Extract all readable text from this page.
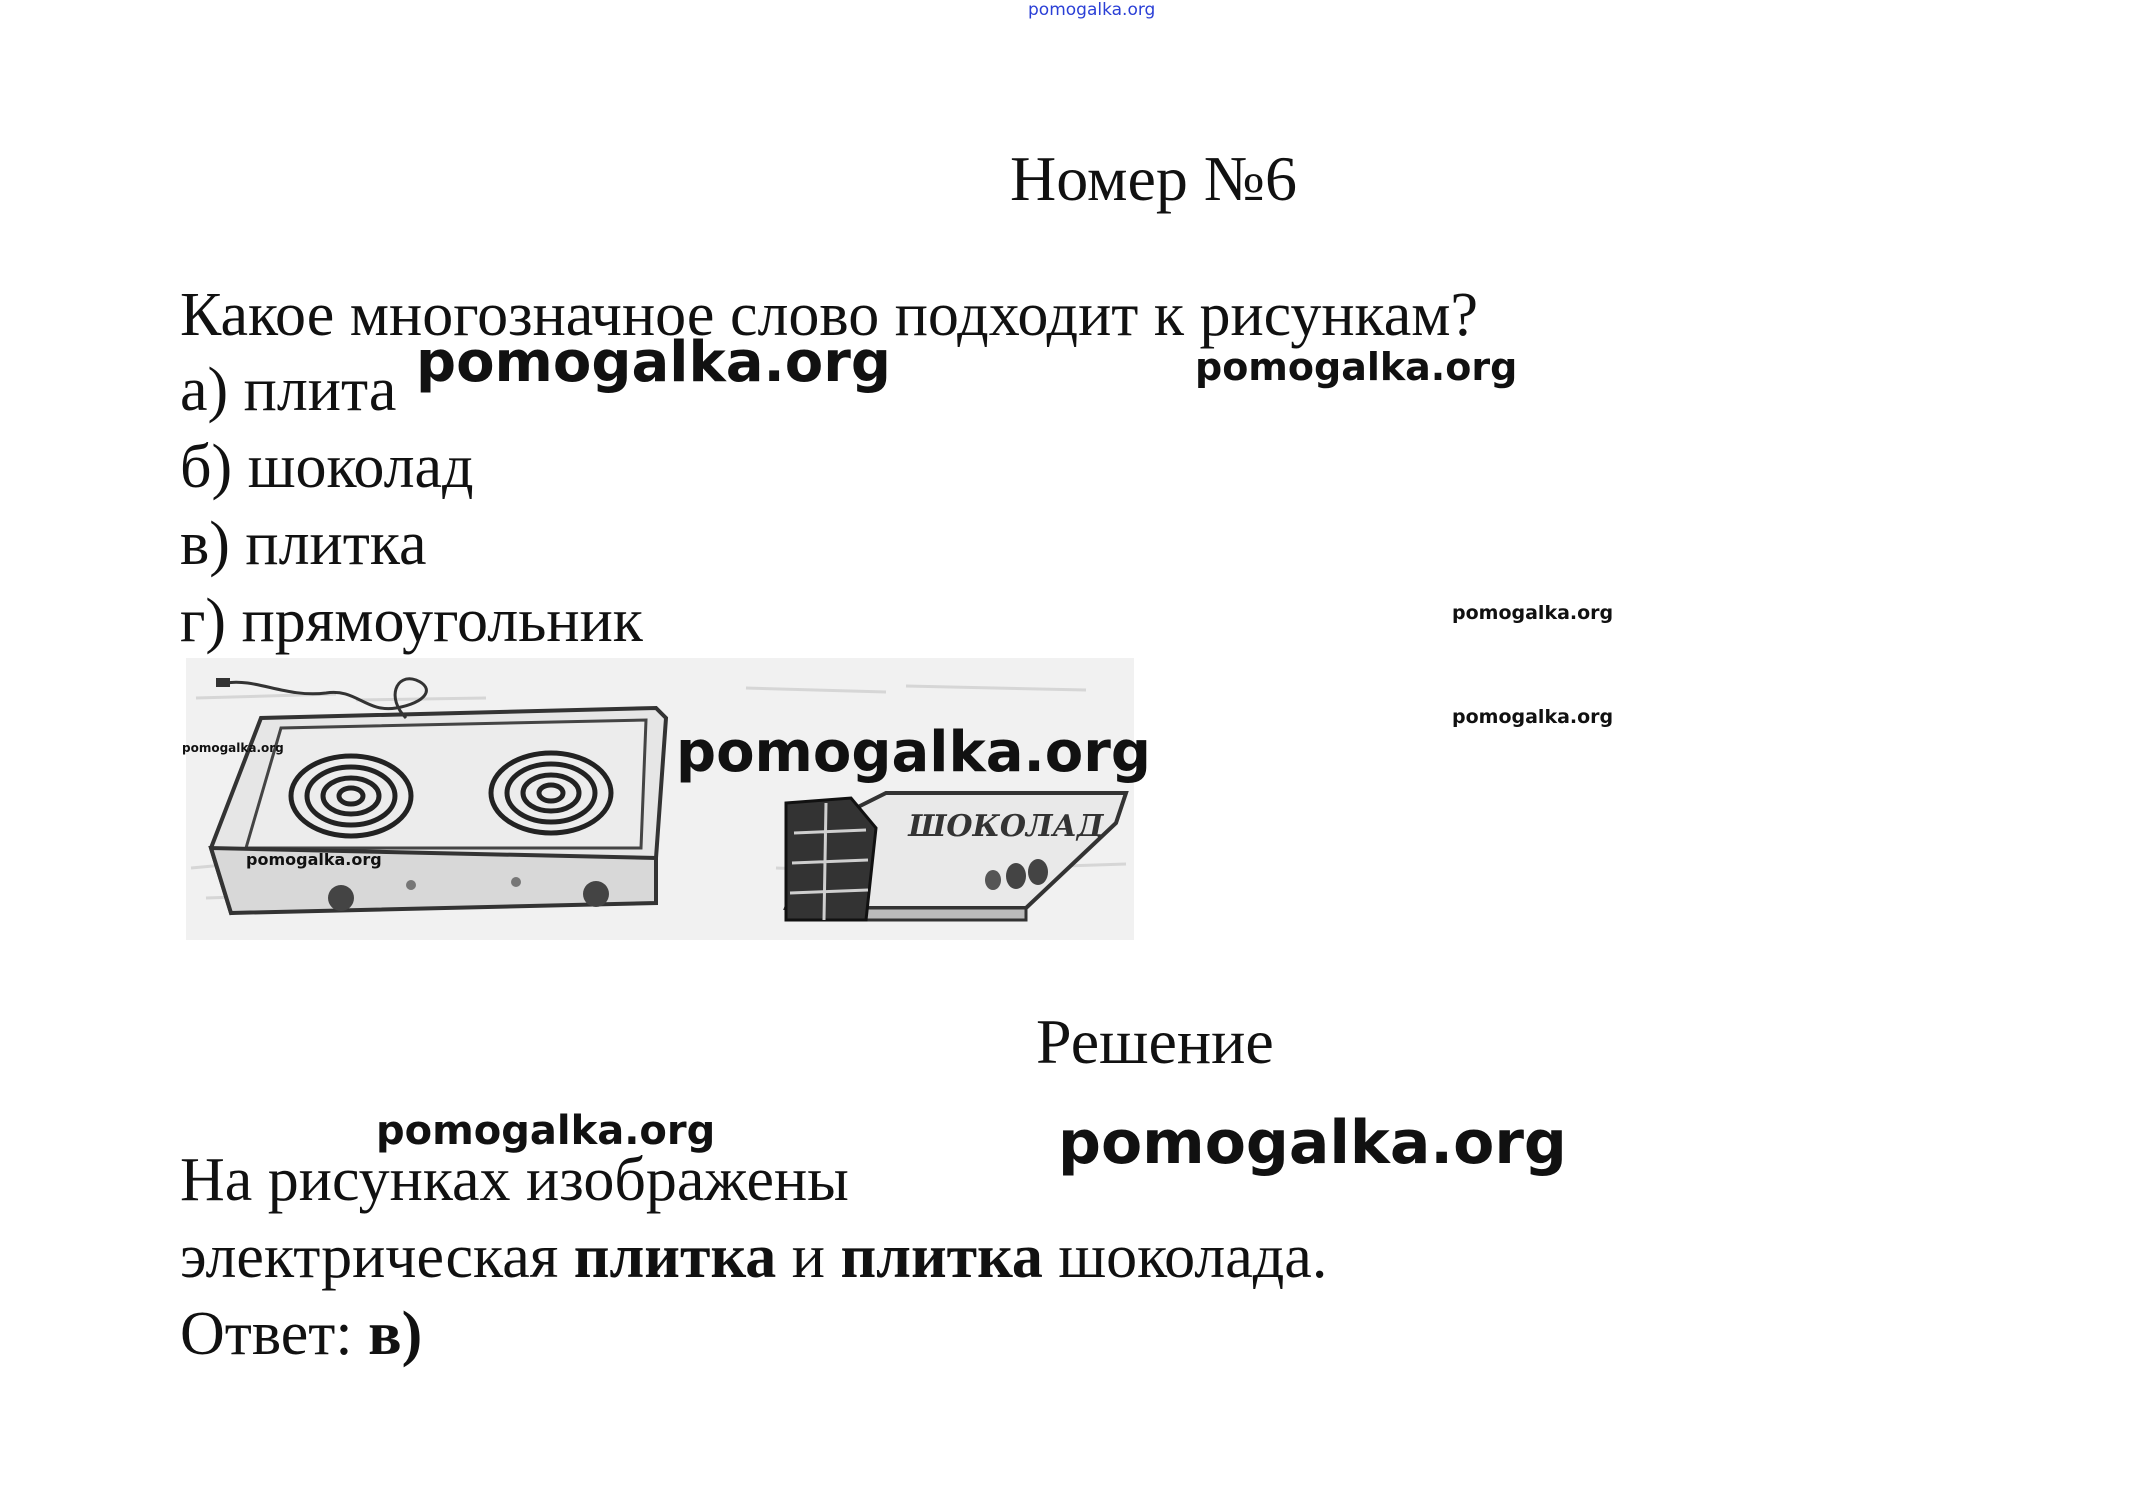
pomogalka.org
Номер №6
Какое многозначное слово подходит к рисункам?
а) плита
б) шоколад
в) плитка
г) прямоугольник
ШОКОЛАД
Решение
На рисунках изображены
электрическая плитка и плитка шоколада.
Ответ: в)
pomogalka.org	pomogalka.org
pomogalka.org
pomogalka.org
pomogalka.org
pomogalka.org
pomogalka.org
pomogalka.org	pomogalka.org
